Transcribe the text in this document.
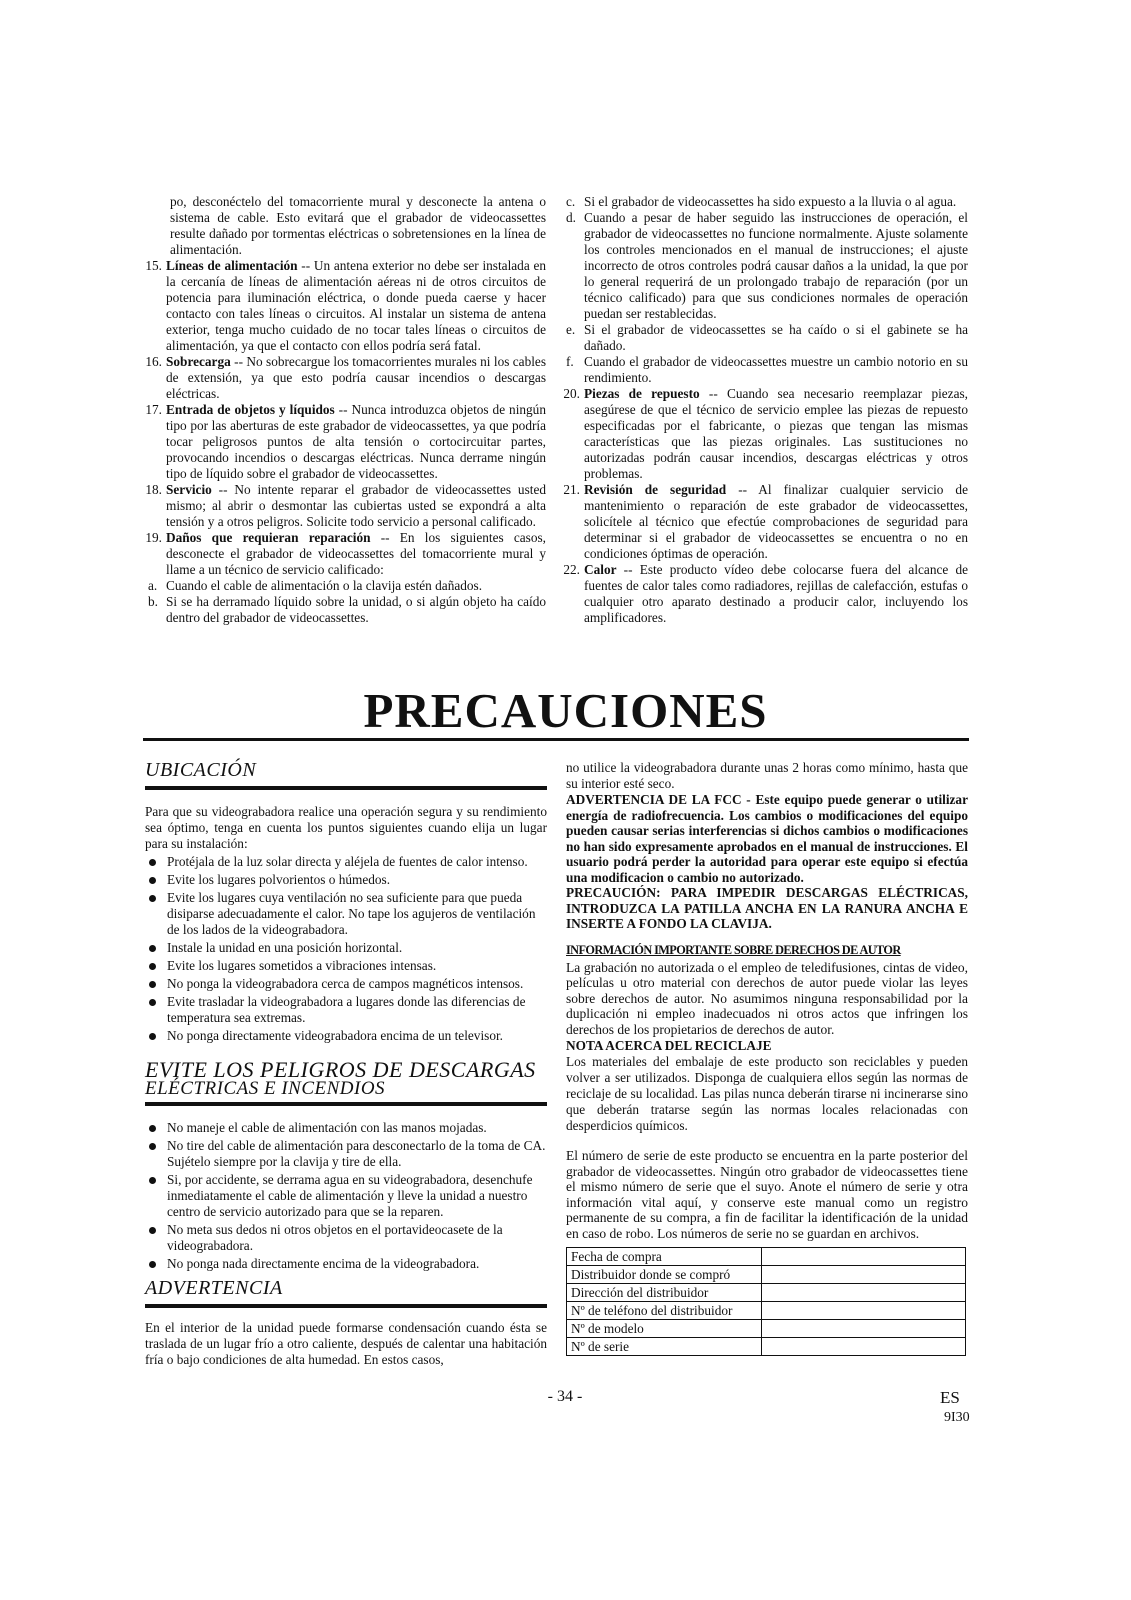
po, desconéctelo del tomacorriente mural y desconecte la antena o sistema de cable. Esto evitará que el grabador de videocassettes resulte dañado por tormentas eléctricas o sobretensiones en la línea de alimentación.

15. Líneas de alimentación -- Un antena exterior no debe ser instalada en la cercanía de líneas de alimentación aéreas ni de otros circuitos de potencia para iluminación eléctrica, o donde pueda caerse y hacer contacto con tales líneas o circuitos. Al instalar un sistema de antena exterior, tenga mucho cuidado de no tocar tales líneas o circuitos de alimentación, ya que el contacto con ellos podría será fatal.
16. Sobrecarga -- No sobrecargue los tomacorrientes murales ni los cables de extensión, ya que esto podría causar incendios o descargas eléctricas.
17. Entrada de objetos y líquidos -- Nunca introduzca objetos de ningún tipo por las aberturas de este grabador de videocassettes, ya que podría tocar peligrosos puntos de alta tensión o cortocircuitar partes, provocando incendios o descargas eléctricas. Nunca derrame ningún tipo de líquido sobre el grabador de videocassettes.
18. Servicio -- No intente reparar el grabador de videocassettes usted mismo; al abrir o desmontar las cubiertas usted se expondrá a alta tensión y a otros peligros. Solicite todo servicio a personal calificado.
19. Daños que requieran reparación -- En los siguientes casos, desconecte el grabador de videocassettes del tomacorriente mural y llame a un técnico de servicio calificado:
a. Cuando el cable de alimentación o la clavija estén dañados.
b. Si se ha derramado líquido sobre la unidad, o si algún objeto ha caído dentro del grabador de videocassettes.
c. Si el grabador de videocassettes ha sido expuesto a la lluvia o al agua.
d. Cuando a pesar de haber seguido las instrucciones de operación, el grabador de videocassettes no funcione normalmente. Ajuste solamente los controles mencionados en el manual de instrucciones; el ajuste incorrecto de otros controles podrá causar daños a la unidad, la que por lo general requerirá de un prolongado trabajo de reparación (por un técnico calificado) para que sus condiciones normales de operación puedan ser restablecidas.
e. Si el grabador de videocassettes se ha caído o si el gabinete se ha dañado.
f. Cuando el grabador de videocassettes muestre un cambio notorio en su rendimiento.
20. Piezas de repuesto -- Cuando sea necesario reemplazar piezas, asegúrese de que el técnico de servicio emplee las piezas de repuesto especificadas por el fabricante, o piezas que tengan las mismas características que las piezas originales. Las sustituciones no autorizadas podrán causar incendios, descargas eléctricas y otros problemas.
21. Revisión de seguridad -- Al finalizar cualquier servicio de mantenimiento o reparación de este grabador de videocassettes, solicítele al técnico que efectúe comprobaciones de seguridad para determinar si el grabador de videocassettes se encuentra o no en condiciones óptimas de operación.
22. Calor -- Este producto vídeo debe colocarse fuera del alcance de fuentes de calor tales como radiadores, rejillas de calefacción, estufas o cualquier otro aparato destinado a producir calor, incluyendo los amplificadores.
PRECAUCIONES
UBICACIÓN

Para que su videograbadora realice una operación segura y su rendimiento sea óptimo, tenga en cuenta los puntos siguientes cuando elija un lugar para su instalación:

Protéjala de la luz solar directa y aléjela de fuentes de calor intenso.
Evite los lugares polvorientos o húmedos.
Evite los lugares cuya ventilación no sea suficiente para que pueda disiparse adecuadamente el calor. No tape los agujeros de ventilación de los lados de la videograbadora.
Instale la unidad en una posición horizontal.
Evite los lugares sometidos a vibraciones intensas.
No ponga la videograbadora cerca de campos magnéticos intensos.
Evite trasladar la videograbadora a lugares donde las diferencias de temperatura sea extremas.
No ponga directamente videograbadora encima de un televisor.
EVITE LOS PELIGROS DE DESCARGAS
ELÉCTRICAS E INCENDIOS
No maneje el cable de alimentación con las manos mojadas.
No tire del cable de alimentación para desconectarlo de la toma de CA. Sujételo siempre por la clavija y tire de ella.
Si, por accidente, se derrama agua en su videograbadora, desenchufe inmediatamente el cable de alimentación y lleve la unidad a nuestro centro de servicio autorizado para que se la reparen.
No meta sus dedos ni otros objetos en el portavideocasete de la videograbadora.
No ponga nada directamente encima de la videograbadora.
ADVERTENCIA

En el interior de la unidad puede formarse condensación cuando ésta se traslada de un lugar frío a otro caliente, después de calentar una habitación fría o bajo condiciones de alta humedad. En estos casos,

no utilice la videograbadora durante unas 2 horas como mínimo, hasta que su interior esté seco.

ADVERTENCIA DE LA FCC - Este equipo puede generar o utilizar energía de radiofrecuencia. Los cambios o modificaciones del equipo pueden causar serias interferencias si dichos cambios o modificaciones no han sido expresamente aprobados en el manual de instrucciones. El usuario podrá perder la autoridad para operar este equipo si efectúa una modificacion o cambio no autorizado.

PRECAUCIÓN: PARA IMPEDIR DESCARGAS ELÉCTRICAS, INTRODUZCA LA PATILLA ANCHA EN LA RANURA ANCHA E INSERTE A FONDO LA CLAVIJA.

INFORMACIÓN IMPORTANTE SOBRE DERECHOS DE AUTOR

La grabación no autorizada o el empleo de teledifusiones, cintas de video, películas u otro material con derechos de autor puede violar las leyes sobre derechos de autor. No asumimos ninguna responsabilidad por la duplicación ni empleo inadecuados ni otros actos que infringen los derechos de los propietarios de derechos de autor.

NOTA ACERCA DEL RECICLAJE

Los materiales del embalaje de este producto son reciclables y pueden volver a ser utilizados. Disponga de cualquiera ellos según las normas de reciclaje de su localidad. Las pilas nunca deberán tirarse ni incinerarse sino que deberán tratarse según las normas locales relacionadas con desperdicios químicos.

El número de serie de este producto se encuentra en la parte posterior del grabador de videocassettes. Ningún otro grabador de videocassettes tiene el mismo número de serie que el suyo. Anote el número de serie y otra información vital aquí, y conserve este manual como un registro permanente de su compra, a fin de facilitar la identificación de la unidad en caso de robo. Los números de serie no se guardan en archivos.

Fecha de compra	
Distribuidor donde se compró	
Dirección del distribuidor	
Nº de teléfono del distribuidor	
Nº de modelo	
Nº de serie	
- 34 -	ES
9I30
